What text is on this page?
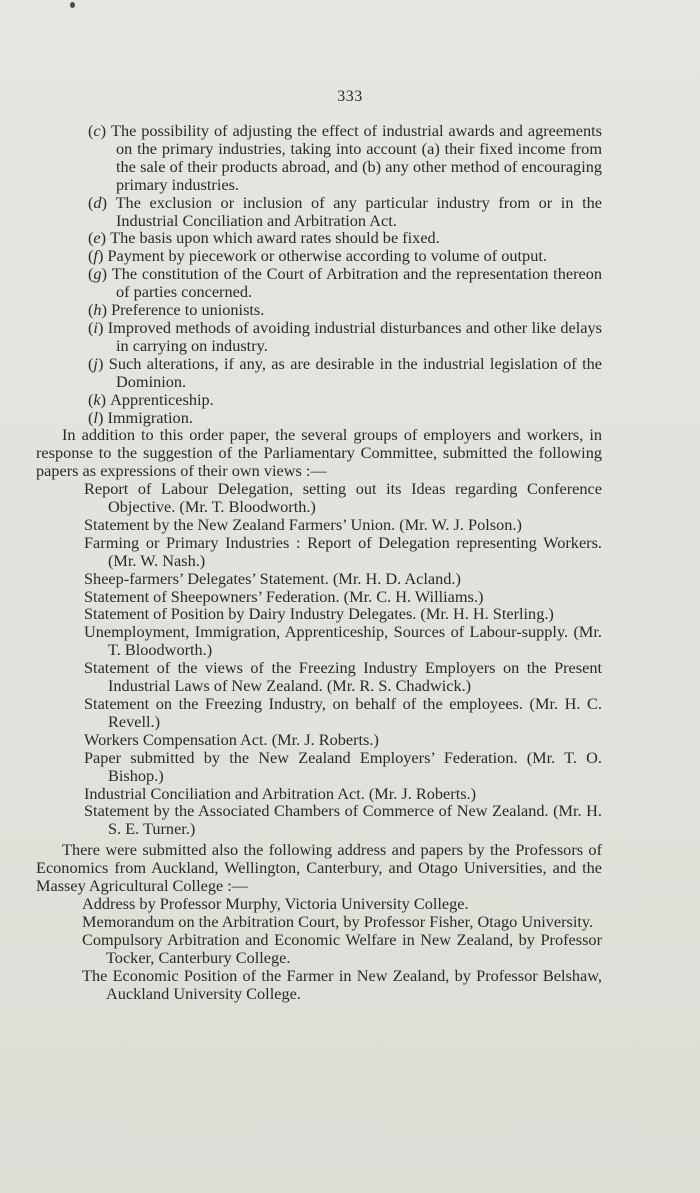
333
(c) The possibility of adjusting the effect of industrial awards and agreements on the primary industries, taking into account (a) their fixed income from the sale of their products abroad, and (b) any other method of encouraging primary industries.
(d) The exclusion or inclusion of any particular industry from or in the Industrial Conciliation and Arbitration Act.
(e) The basis upon which award rates should be fixed.
(f) Payment by piecework or otherwise according to volume of output.
(g) The constitution of the Court of Arbitration and the representation thereon of parties concerned.
(h) Preference to unionists.
(i) Improved methods of avoiding industrial disturbances and other like delays in carrying on industry.
(j) Such alterations, if any, as are desirable in the industrial legislation of the Dominion.
(k) Apprenticeship.
(l) Immigration.
In addition to this order paper, the several groups of employers and workers, in response to the suggestion of the Parliamentary Committee, submitted the following papers as expressions of their own views :—
Report of Labour Delegation, setting out its Ideas regarding Conference Objective. (Mr. T. Bloodworth.)
Statement by the New Zealand Farmers’ Union. (Mr. W. J. Polson.)
Farming or Primary Industries : Report of Delegation representing Workers. (Mr. W. Nash.)
Sheep-farmers’ Delegates’ Statement. (Mr. H. D. Acland.)
Statement of Sheepowners’ Federation. (Mr. C. H. Williams.)
Statement of Position by Dairy Industry Delegates. (Mr. H. H. Sterling.)
Unemployment, Immigration, Apprenticeship, Sources of Labour-supply. (Mr. T. Bloodworth.)
Statement of the views of the Freezing Industry Employers on the Present Industrial Laws of New Zealand. (Mr. R. S. Chadwick.)
Statement on the Freezing Industry, on behalf of the employees. (Mr. H. C. Revell.)
Workers Compensation Act. (Mr. J. Roberts.)
Paper submitted by the New Zealand Employers’ Federation. (Mr. T. O. Bishop.)
Industrial Conciliation and Arbitration Act. (Mr. J. Roberts.)
Statement by the Associated Chambers of Commerce of New Zealand. (Mr. H. S. E. Turner.)
There were submitted also the following address and papers by the Professors of Economics from Auckland, Wellington, Canterbury, and Otago Universities, and the Massey Agricultural College :—
Address by Professor Murphy, Victoria University College.
Memorandum on the Arbitration Court, by Professor Fisher, Otago University.
Compulsory Arbitration and Economic Welfare in New Zealand, by Professor Tocker, Canterbury College.
The Economic Position of the Farmer in New Zealand, by Professor Belshaw, Auckland University College.
